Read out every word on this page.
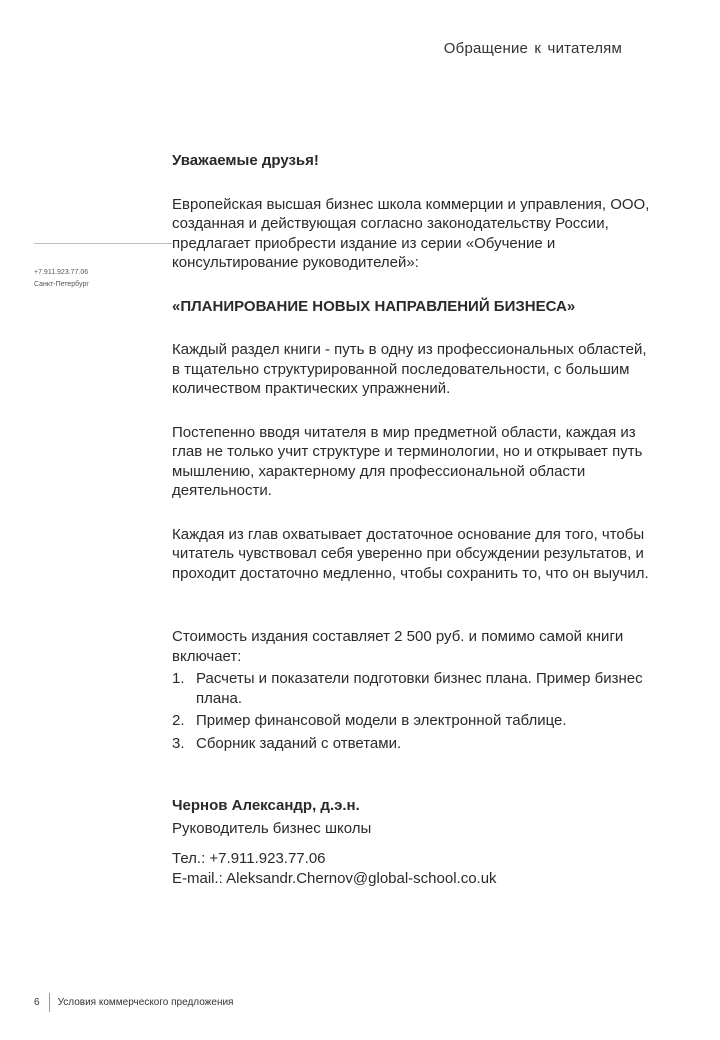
Обращение к читателям
+7.911.923.77.06
Санкт-Петербург

Уважаемые друзья!

Европейская высшая бизнес школа коммерции и управления, ООО, созданная и действующая согласно законодательству России, предлагает приобрести издание из серии «Обучение и консультирование руководителей»:

«ПЛАНИРОВАНИЕ НОВЫХ НАПРАВЛЕНИЙ БИЗНЕСА»

Каждый раздел книги - путь в одну из профессиональных областей, в тщательно структурированной последовательности, с большим количеством практических упражнений.

Постепенно вводя читателя в мир предметной области, каждая из глав не только учит структуре и терминологии, но и открывает путь мышлению, характерному для профессиональной области деятельности.

Каждая из глав охватывает достаточное основание для того, чтобы читатель чувствовал себя уверенно при обсуждении результатов, и проходит достаточно медленно, чтобы сохранить то, что он выучил.

Стоимость издания составляет 2 500 руб. и помимо самой книги включает:

1. Расчеты и показатели подготовки бизнес плана. Пример бизнес плана.
2. Пример финансовой модели в электронной таблице.
3. Сборник заданий с ответами.

Чернов Александр, д.э.н.

Руководитель бизнес школы

Тел.: +7.911.923.77.06

E-mail.: Aleksandr.Chernov@global-school.co.uk

6 Условия коммерческого предложения
